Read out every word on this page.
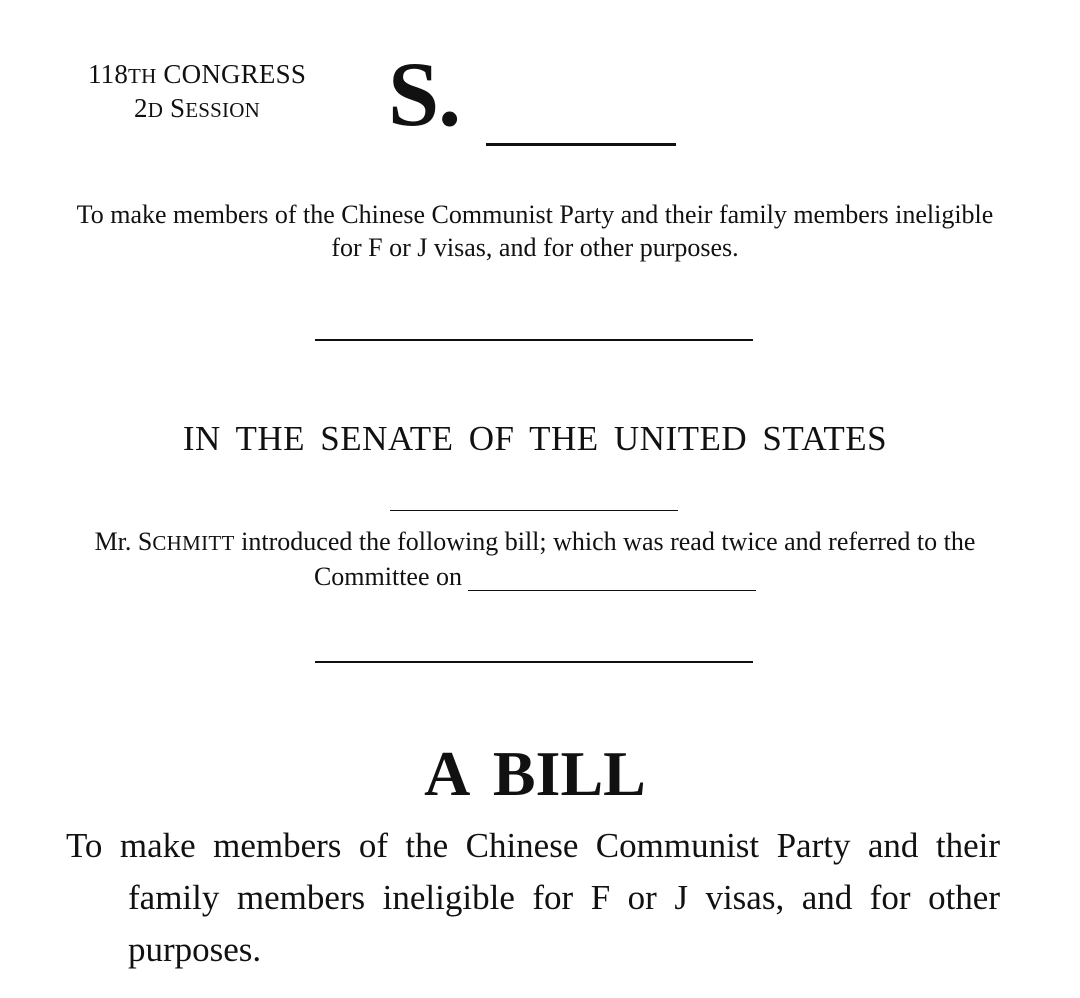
118TH CONGRESS
2D SESSION	S.
To make members of the Chinese Communist Party and their family members ineligible for F or J visas, and for other purposes.
IN THE SENATE OF THE UNITED STATES
Mr. SCHMITT introduced the following bill; which was read twice and referred to the Committee on
A BILL
To make members of the Chinese Communist Party and their family members ineligible for F or J visas, and for other purposes.
